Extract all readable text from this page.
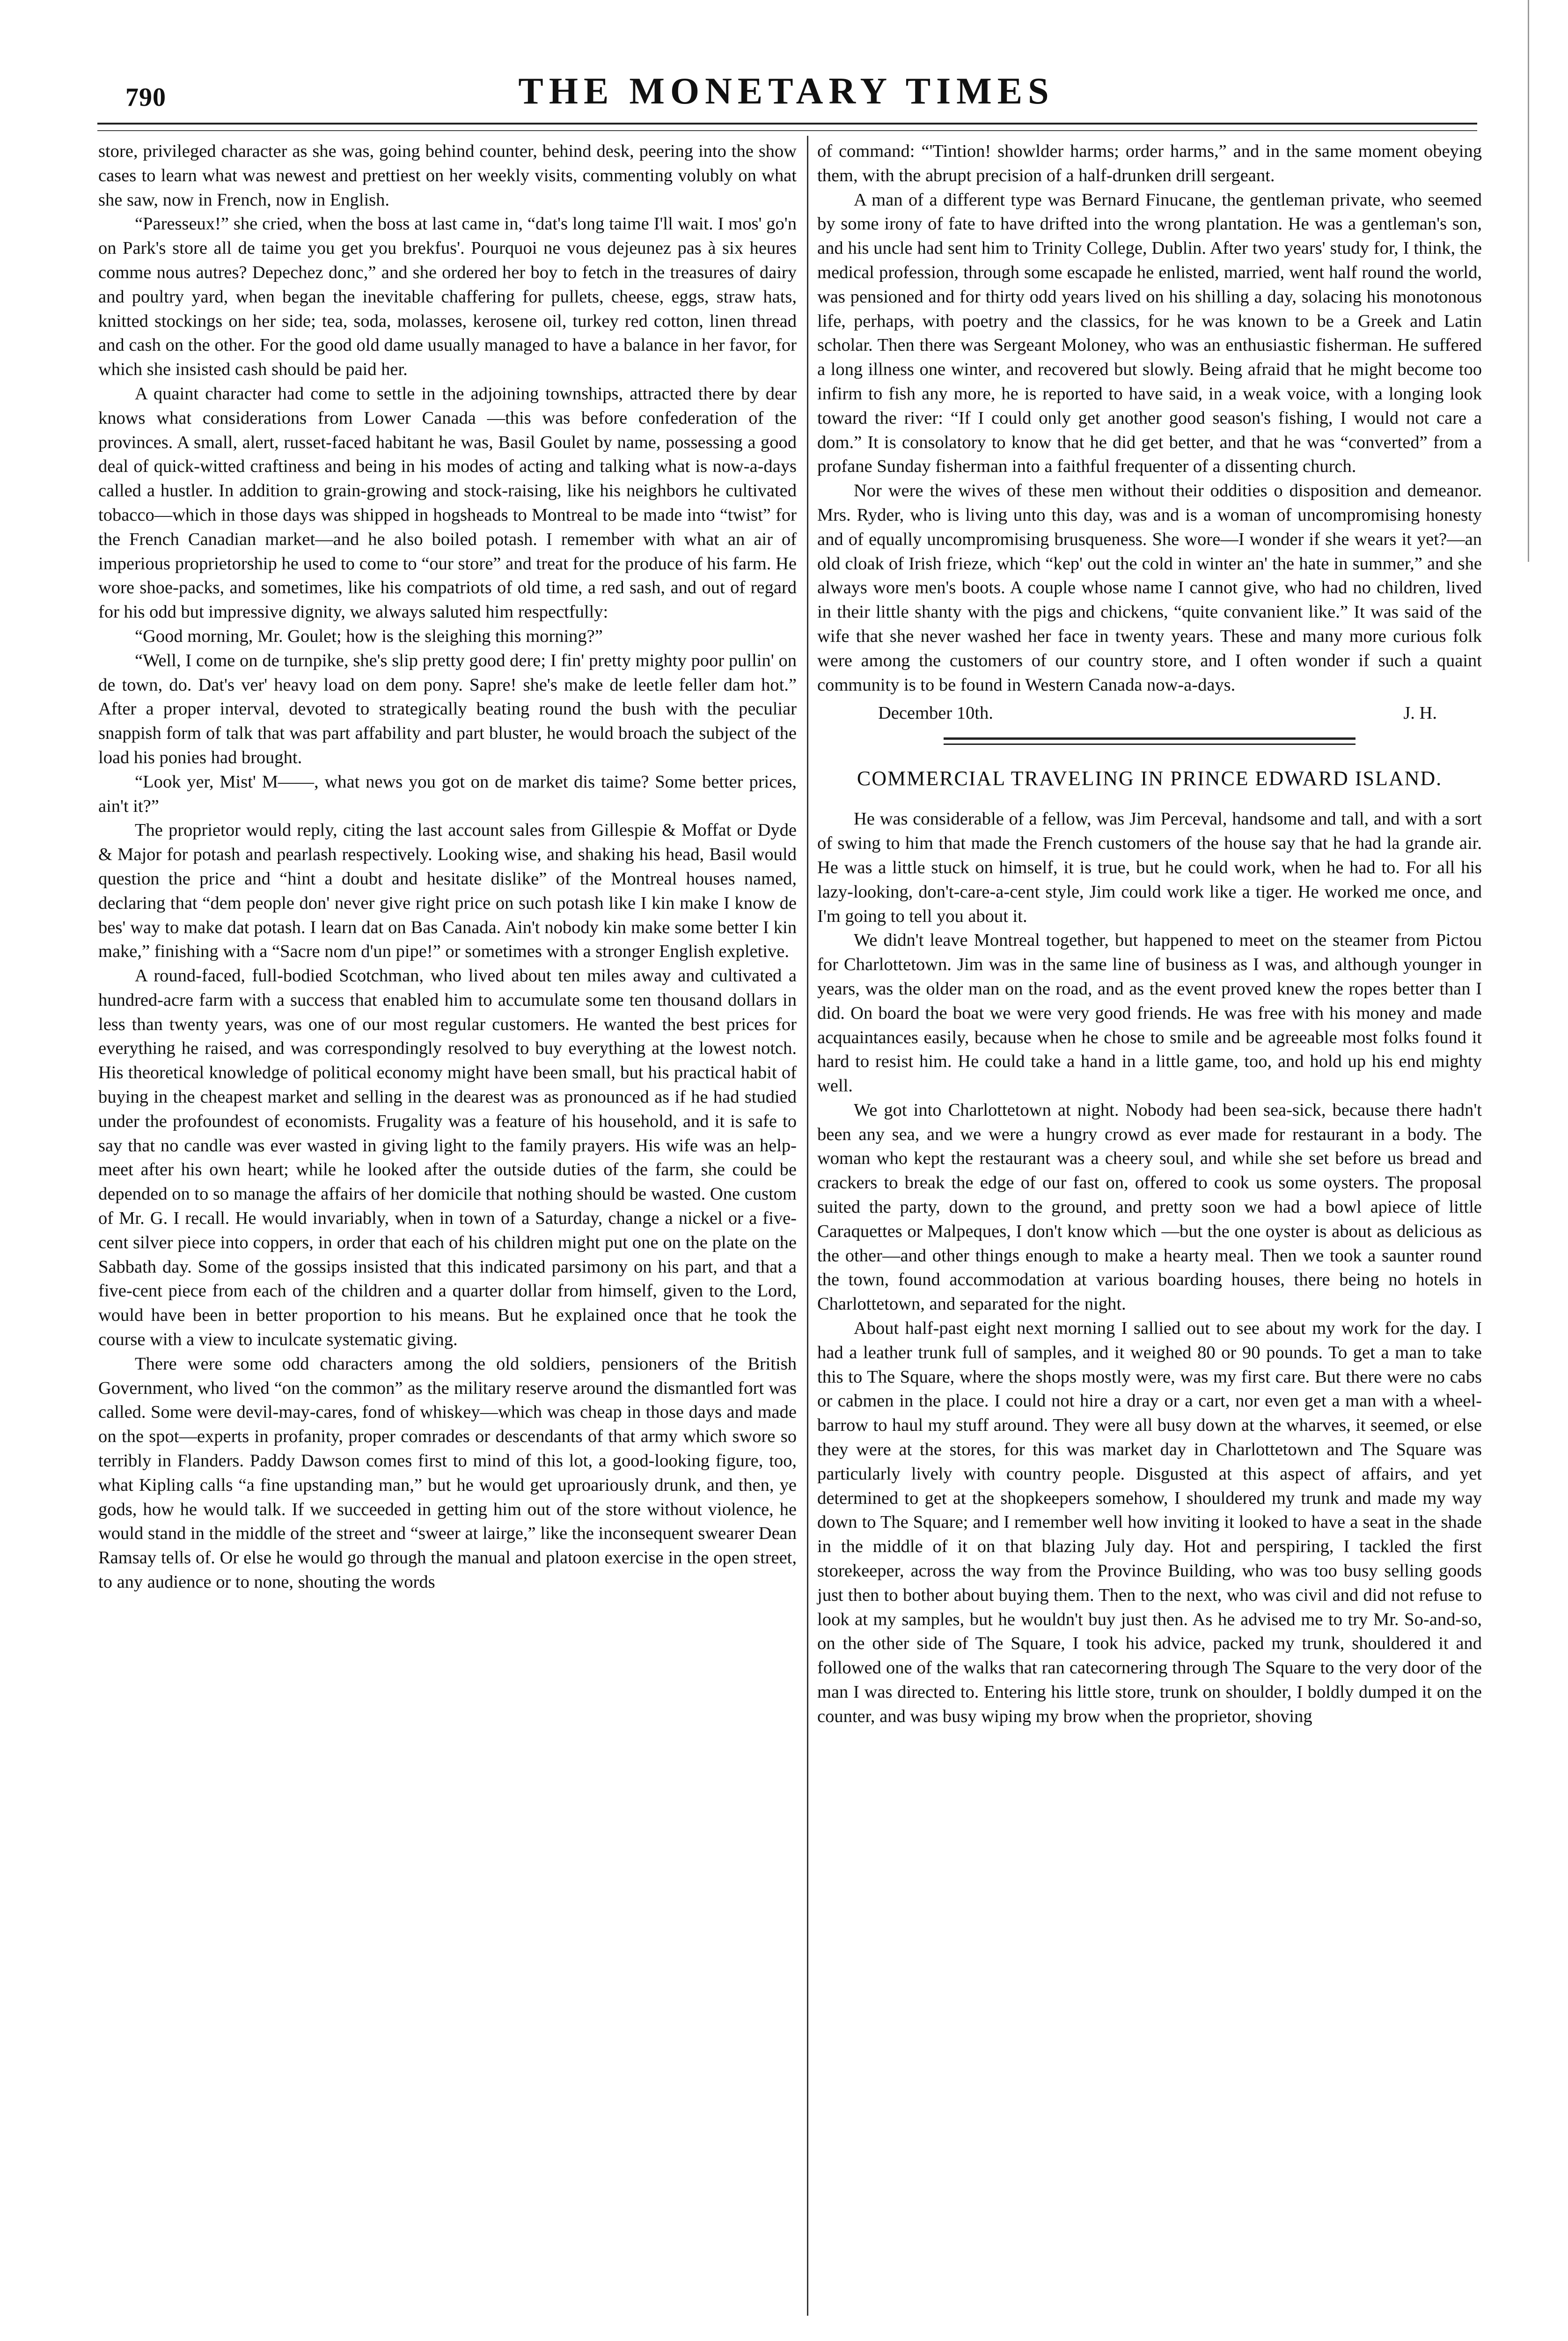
790	THE MONETARY TIMES

store, privileged character as she was, going behind counter, behind desk, peering into the show cases to learn what was newest and prettiest on her weekly visits, commenting volubly on what she saw, now in French, now in English.

“Paresseux!” she cried, when the boss at last came in, “dat's long taime I'll wait. I mos' go'n on Park's store all de taime you get you brekfus'. Pourquoi ne vous dejeunez pas à six heures comme nous autres? Depechez donc,” and she ordered her boy to fetch in the treasures of dairy and poultry yard, when began the inevitable chaffering for pullets, cheese, eggs, straw hats, knitted stockings on her side; tea, soda, molasses, kerosene oil, turkey red cotton, linen thread and cash on the other. For the good old dame usually managed to have a balance in her favor, for which she insisted cash should be paid her.

A quaint character had come to settle in the adjoining townships, attracted there by dear knows what considerations from Lower Canada —this was before confederation of the provinces. A small, alert, russet-faced habitant he was, Basil Goulet by name, possessing a good deal of quick-witted craftiness and being in his modes of acting and talking what is now-a-days called a hustler. In addition to grain-growing and stock-raising, like his neighbors he cultivated tobacco—which in those days was shipped in hogsheads to Montreal to be made into “twist” for the French Canadian market—and he also boiled potash. I remember with what an air of imperious proprietorship he used to come to “our store” and treat for the produce of his farm. He wore shoe-packs, and sometimes, like his compatriots of old time, a red sash, and out of regard for his odd but impressive dignity, we always saluted him respectfully:

“Good morning, Mr. Goulet; how is the sleighing this morning?”

“Well, I come on de turnpike, she's slip pretty good dere; I fin' pretty mighty poor pullin' on de town, do. Dat's ver' heavy load on dem pony. Sapre! she's make de leetle feller dam hot.” After a proper interval, devoted to strategically beating round the bush with the peculiar snappish form of talk that was part affability and part bluster, he would broach the subject of the load his ponies had brought.

“Look yer, Mist' M——, what news you got on de market dis taime? Some better prices, ain't it?”

The proprietor would reply, citing the last account sales from Gillespie & Moffat or Dyde & Major for potash and pearlash respectively. Looking wise, and shaking his head, Basil would question the price and “hint a doubt and hesitate dislike” of the Montreal houses named, declaring that “dem people don' never give right price on such potash like I kin make I know de bes' way to make dat potash. I learn dat on Bas Canada. Ain't nobody kin make some better I kin make,” finishing with a “Sacre nom d'un pipe!” or sometimes with a stronger English expletive.

A round-faced, full-bodied Scotchman, who lived about ten miles away and cultivated a hundred-acre farm with a success that enabled him to accumulate some ten thousand dollars in less than twenty years, was one of our most regular customers. He wanted the best prices for everything he raised, and was correspondingly resolved to buy everything at the lowest notch. His theoretical knowledge of political economy might have been small, but his practical habit of buying in the cheapest market and selling in the dearest was as pronounced as if he had studied under the profoundest of economists. Frugality was a feature of his household, and it is safe to say that no candle was ever wasted in giving light to the family prayers. His wife was an help-meet after his own heart; while he looked after the outside duties of the farm, she could be depended on to so manage the affairs of her domicile that nothing should be wasted. One custom of Mr. G. I recall. He would invariably, when in town of a Saturday, change a nickel or a five-cent silver piece into coppers, in order that each of his children might put one on the plate on the Sabbath day. Some of the gossips insisted that this indicated parsimony on his part, and that a five-cent piece from each of the children and a quarter dollar from himself, given to the Lord, would have been in better proportion to his means. But he explained once that he took the course with a view to inculcate systematic giving.

There were some odd characters among the old soldiers, pensioners of the British Government, who lived “on the common” as the military reserve around the dismantled fort was called. Some were devil-may-cares, fond of whiskey—which was cheap in those days and made on the spot—experts in profanity, proper comrades or descendants of that army which swore so terribly in Flanders. Paddy Dawson comes first to mind of this lot, a good-looking figure, too, what Kipling calls “a fine upstanding man,” but he would get uproariously drunk, and then, ye gods, how he would talk. If we succeeded in getting him out of the store without violence, he would stand in the middle of the street and “sweer at lairge,” like the inconsequent swearer Dean Ramsay tells of. Or else he would go through the manual and platoon exercise in the open street, to any audience or to none, shouting the words

of command: “'Tintion! showlder harms; order harms,” and in the same moment obeying them, with the abrupt precision of a half-drunken drill sergeant.

A man of a different type was Bernard Finucane, the gentleman private, who seemed by some irony of fate to have drifted into the wrong plantation. He was a gentleman's son, and his uncle had sent him to Trinity College, Dublin. After two years' study for, I think, the medical profession, through some escapade he enlisted, married, went half round the world, was pensioned and for thirty odd years lived on his shilling a day, solacing his monotonous life, perhaps, with poetry and the classics, for he was known to be a Greek and Latin scholar. Then there was Sergeant Moloney, who was an enthusiastic fisherman. He suffered a long illness one winter, and recovered but slowly. Being afraid that he might become too infirm to fish any more, he is reported to have said, in a weak voice, with a longing look toward the river: “If I could only get another good season's fishing, I would not care a dom.” It is consolatory to know that he did get better, and that he was “converted” from a profane Sunday fisherman into a faithful frequenter of a dissenting church.

Nor were the wives of these men without their oddities o disposition and demeanor. Mrs. Ryder, who is living unto this day, was and is a woman of uncompromising honesty and of equally uncompromising brusqueness. She wore—I wonder if she wears it yet?—an old cloak of Irish frieze, which “kep' out the cold in winter an' the hate in summer,” and she always wore men's boots. A couple whose name I cannot give, who had no children, lived in their little shanty with the pigs and chickens, “quite convanient like.” It was said of the wife that she never washed her face in twenty years. These and many more curious folk were among the customers of our country store, and I often wonder if such a quaint community is to be found in Western Canada now-a-days.

December 10th.	J. H.
COMMERCIAL TRAVELING IN PRINCE EDWARD ISLAND.

He was considerable of a fellow, was Jim Perceval, handsome and tall, and with a sort of swing to him that made the French customers of the house say that he had la grande air. He was a little stuck on himself, it is true, but he could work, when he had to. For all his lazy-looking, don't-care-a-cent style, Jim could work like a tiger. He worked me once, and I'm going to tell you about it.

We didn't leave Montreal together, but happened to meet on the steamer from Pictou for Charlottetown. Jim was in the same line of business as I was, and although younger in years, was the older man on the road, and as the event proved knew the ropes better than I did. On board the boat we were very good friends. He was free with his money and made acquaintances easily, because when he chose to smile and be agreeable most folks found it hard to resist him. He could take a hand in a little game, too, and hold up his end mighty well.

We got into Charlottetown at night. Nobody had been sea-sick, because there hadn't been any sea, and we were a hungry crowd as ever made for restaurant in a body. The woman who kept the restaurant was a cheery soul, and while she set before us bread and crackers to break the edge of our fast on, offered to cook us some oysters. The proposal suited the party, down to the ground, and pretty soon we had a bowl apiece of little Caraquettes or Malpeques, I don't know which —but the one oyster is about as delicious as the other—and other things enough to make a hearty meal. Then we took a saunter round the town, found accommodation at various boarding houses, there being no hotels in Charlottetown, and separated for the night.

About half-past eight next morning I sallied out to see about my work for the day. I had a leather trunk full of samples, and it weighed 80 or 90 pounds. To get a man to take this to The Square, where the shops mostly were, was my first care. But there were no cabs or cabmen in the place. I could not hire a dray or a cart, nor even get a man with a wheel-barrow to haul my stuff around. They were all busy down at the wharves, it seemed, or else they were at the stores, for this was market day in Charlottetown and The Square was particularly lively with country people. Disgusted at this aspect of affairs, and yet determined to get at the shopkeepers somehow, I shouldered my trunk and made my way down to The Square; and I remember well how inviting it looked to have a seat in the shade in the middle of it on that blazing July day. Hot and perspiring, I tackled the first storekeeper, across the way from the Province Building, who was too busy selling goods just then to bother about buying them. Then to the next, who was civil and did not refuse to look at my samples, but he wouldn't buy just then. As he advised me to try Mr. So-and-so, on the other side of The Square, I took his advice, packed my trunk, shouldered it and followed one of the walks that ran catecornering through The Square to the very door of the man I was directed to. Entering his little store, trunk on shoulder, I boldly dumped it on the counter, and was busy wiping my brow when the proprietor, shoving
